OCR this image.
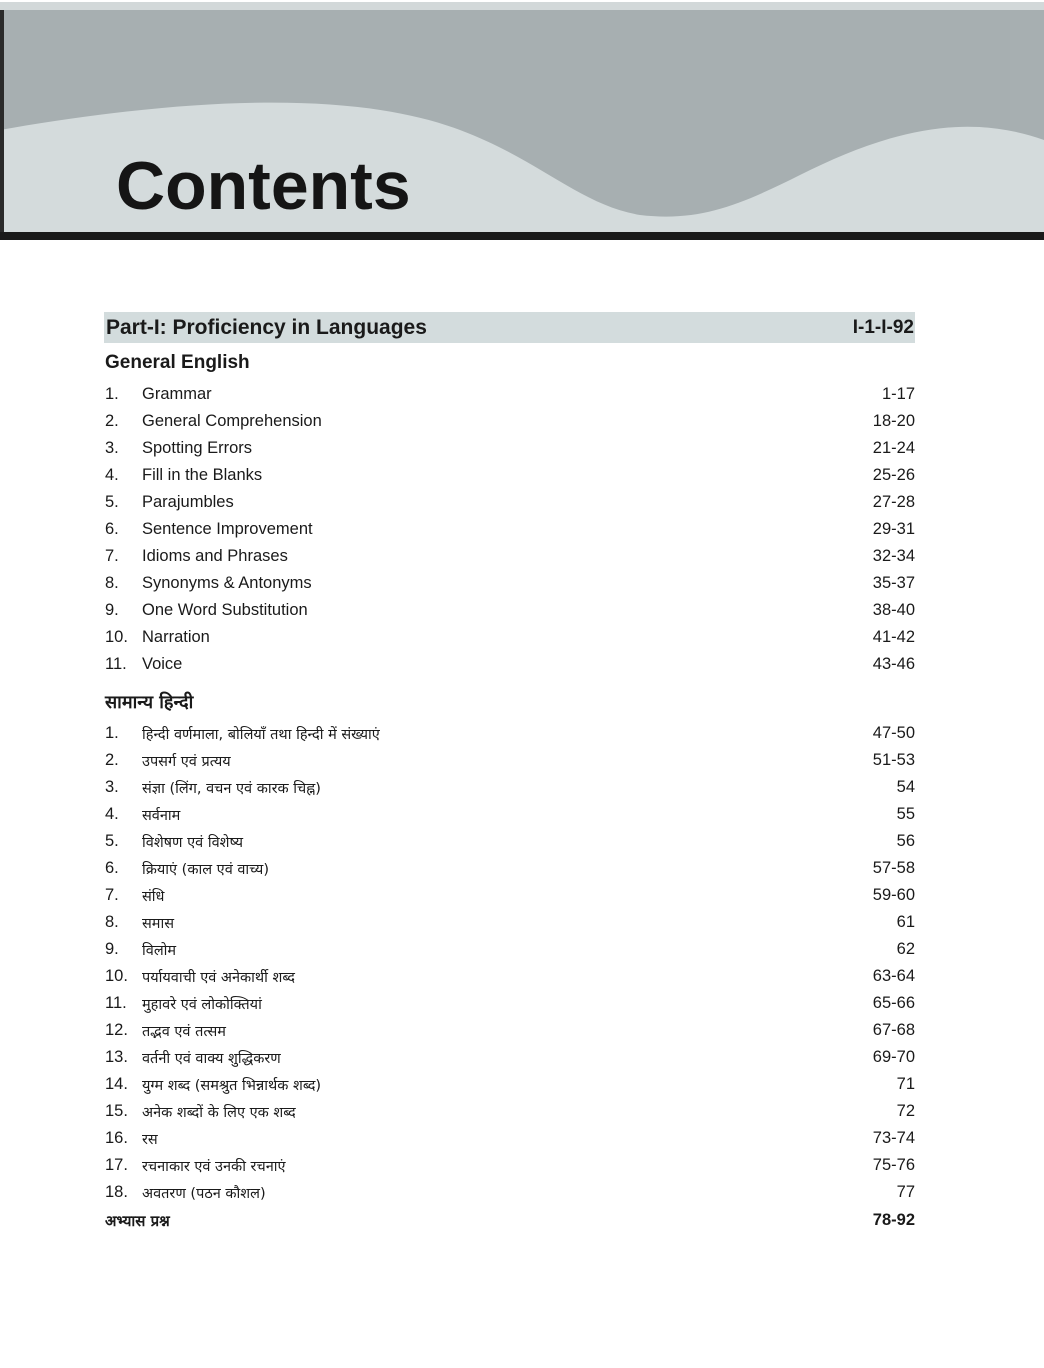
Contents
Part-I: Proficiency in Languages	I-1-I-92
General English
1.	Grammar	1-17
2.	General Comprehension	18-20
3.	Spotting Errors	21-24
4.	Fill in the Blanks	25-26
5.	Parajumbles	27-28
6.	Sentence Improvement	29-31
7.	Idioms and Phrases	32-34
8.	Synonyms & Antonyms	35-37
9.	One Word Substitution	38-40
10. Narration	41-42
11. Voice	43-46
सामान्य हिन्दी
1.	हिन्दी वर्णमाला, बोलियाँ तथा हिन्दी में संख्याएं	47-50
2.	उपसर्ग एवं प्रत्यय	51-53
3.	संज्ञा (लिंग, वचन एवं कारक चिह्न)	54
4.	सर्वनाम	55
5.	विशेषण एवं विशेष्य	56
6.	क्रियाएं (काल एवं वाच्य)	57-58
7.	संधि	59-60
8.	समास	61
9.	विलोम	62
10. पर्यायवाची एवं अनेकार्थी शब्द	63-64
11.	मुहावरे एवं लोकोक्तियां	65-66
12. तद्भव एवं तत्सम	67-68
13. वर्तनी एवं वाक्य शुद्धिकरण	69-70
14. युग्म शब्द (समश्रुत भिन्नार्थक शब्द)	71
15. अनेक शब्दों के लिए एक शब्द	72
16. रस	73-74
17. रचनाकार एवं उनकी रचनाएं	75-76
18. अवतरण (पठन कौशल)	77
अभ्यास प्रश्न	78-92
